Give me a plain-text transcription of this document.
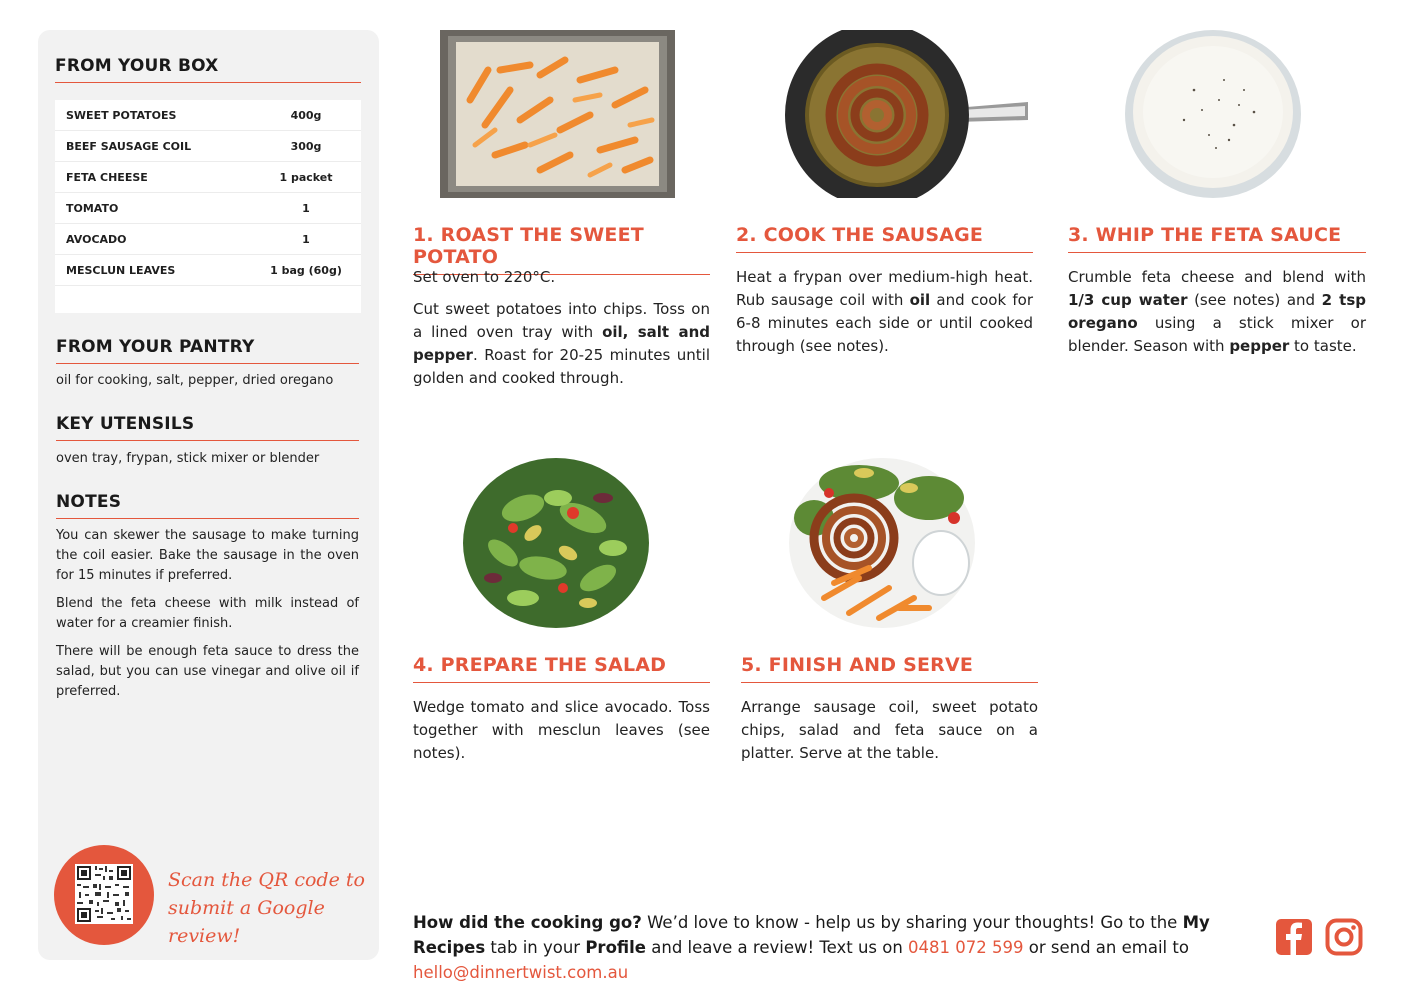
FROM YOUR BOX
SWEET POTATOES	400g
BEEF SAUSAGE COIL	300g
FETA CHEESE	1 packet
TOMATO	1
AVOCADO	1
MESCLUN LEAVES	1 bag (60g)
FROM YOUR PANTRY
oil for cooking, salt, pepper, dried oregano
KEY UTENSILS
oven tray, frypan, stick mixer or blender
NOTES

You can skewer the sausage to make turning the coil easier. Bake the sausage in the oven for 15 minutes if preferred.

Blend the feta cheese with milk instead of water for a creamier finish.

There will be enough feta sauce to dress the salad, but you can use vinegar and olive oil if preferred.

Scan the QR code to
submit a Google review!
1. ROAST THE SWEET POTATO

Set oven to 220°C.

Cut sweet potatoes into chips. Toss on a lined oven tray with oil, salt and pepper. Roast for 20-25 minutes until golden and cooked through.

2. COOK THE SAUSAGE

Heat a frypan over medium-high heat. Rub sausage coil with oil and cook for 6-8 minutes each side or until cooked through (see notes).

3. WHIP THE FETA SAUCE

Crumble feta cheese and blend with 1/3 cup water (see notes) and 2 tsp oregano using a stick mixer or blender. Season with pepper to taste.

4. PREPARE THE SALAD

Wedge tomato and slice avocado. Toss together with mesclun leaves (see notes).

5. FINISH AND SERVE

Arrange sausage coil, sweet potato chips, salad and feta sauce on a platter. Serve at the table.

How did the cooking go? We’d love to know - help us by sharing your thoughts! Go to the My Recipes tab in your Profile and leave a review! Text us on 0481 072 599 or send an email to hello@dinnertwist.com.au
